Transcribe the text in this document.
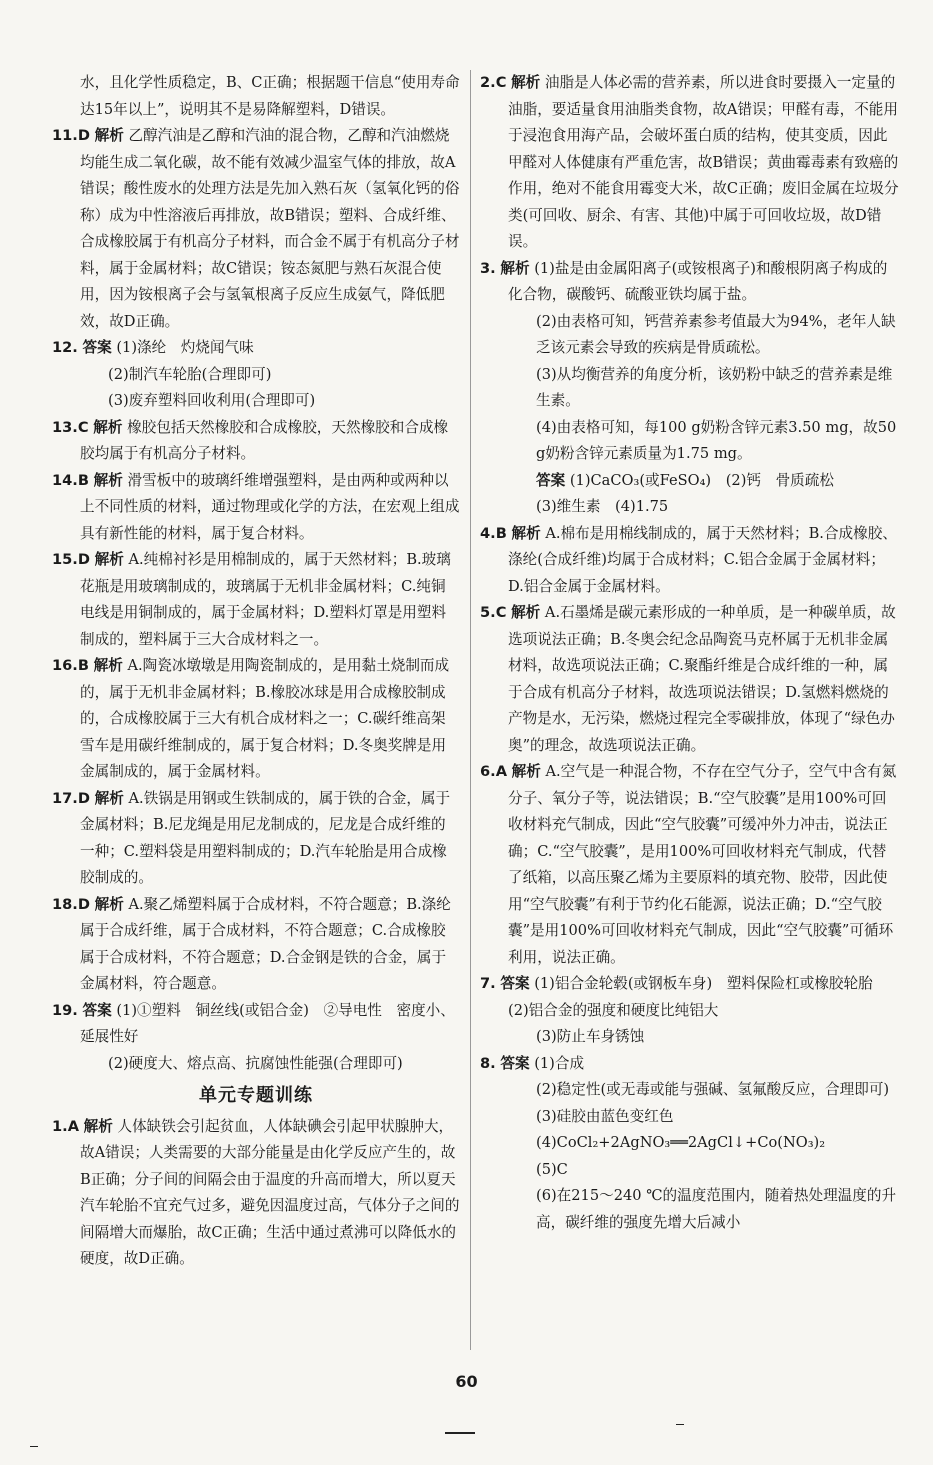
水，且化学性质稳定，B、C正确；根据题干信息“使用寿命达15年以上”，说明其不是易降解塑料，D错误。
11.D 解析 乙醇汽油是乙醇和汽油的混合物，乙醇和汽油燃烧均能生成二氧化碳，故不能有效减少温室气体的排放，故A错误；酸性废水的处理方法是先加入熟石灰（氢氧化钙的俗称）成为中性溶液后再排放，故B错误；塑料、合成纤维、合成橡胶属于有机高分子材料，而合金不属于有机高分子材料，属于金属材料；故C错误；铵态氮肥与熟石灰混合使用，因为铵根离子会与氢氧根离子反应生成氨气，降低肥效，故D正确。
12. 答案 (1)涤纶　灼烧闻气味
(2)制汽车轮胎(合理即可)
(3)废弃塑料回收利用(合理即可)
13.C 解析 橡胶包括天然橡胶和合成橡胶，天然橡胶和合成橡胶均属于有机高分子材料。
14.B 解析 滑雪板中的玻璃纤维增强塑料，是由两种或两种以上不同性质的材料，通过物理或化学的方法，在宏观上组成具有新性能的材料，属于复合材料。
15.D 解析 A.纯棉衬衫是用棉制成的，属于天然材料；B.玻璃花瓶是用玻璃制成的，玻璃属于无机非金属材料；C.纯铜电线是用铜制成的，属于金属材料；D.塑料灯罩是用塑料制成的，塑料属于三大合成材料之一。
16.B 解析 A.陶瓷冰墩墩是用陶瓷制成的，是用黏土烧制而成的，属于无机非金属材料；B.橡胶冰球是用合成橡胶制成的，合成橡胶属于三大有机合成材料之一；C.碳纤维高架雪车是用碳纤维制成的，属于复合材料；D.冬奥奖牌是用金属制成的，属于金属材料。
17.D 解析 A.铁锅是用钢或生铁制成的，属于铁的合金，属于金属材料；B.尼龙绳是用尼龙制成的，尼龙是合成纤维的一种；C.塑料袋是用塑料制成的；D.汽车轮胎是用合成橡胶制成的。
18.D 解析 A.聚乙烯塑料属于合成材料，不符合题意；B.涤纶属于合成纤维，属于合成材料，不符合题意；C.合成橡胶属于合成材料，不符合题意；D.合金钢是铁的合金，属于金属材料，符合题意。
19. 答案 (1)①塑料　铜丝线(或铝合金)　②导电性　密度小、延展性好
(2)硬度大、熔点高、抗腐蚀性能强(合理即可)
单元专题训练
1.A 解析 人体缺铁会引起贫血，人体缺碘会引起甲状腺肿大，故A错误；人类需要的大部分能量是由化学反应产生的，故B正确；分子间的间隔会由于温度的升高而增大，所以夏天汽车轮胎不宜充气过多，避免因温度过高，气体分子之间的间隔增大而爆胎，故C正确；生活中通过煮沸可以降低水的硬度，故D正确。
2.C 解析 油脂是人体必需的营养素，所以进食时要摄入一定量的油脂，要适量食用油脂类食物，故A错误；甲醛有毒，不能用于浸泡食用海产品，会破坏蛋白质的结构，使其变质，因此甲醛对人体健康有严重危害，故B错误；黄曲霉毒素有致癌的作用，绝对不能食用霉变大米，故C正确；废旧金属在垃圾分类(可回收、厨余、有害、其他)中属于可回收垃圾，故D错误。
3. 解析 (1)盐是由金属阳离子(或铵根离子)和酸根阴离子构成的化合物，碳酸钙、硫酸亚铁均属于盐。
(2)由表格可知，钙营养素参考值最大为94%，老年人缺乏该元素会导致的疾病是骨质疏松。
(3)从均衡营养的角度分析，该奶粉中缺乏的营养素是维生素。
(4)由表格可知，每100 g奶粉含锌元素3.50 mg，故50 g奶粉含锌元素质量为1.75 mg。
答案 (1)CaCO₃(或FeSO₄)　(2)钙　骨质疏松
(3)维生素　(4)1.75
4.B 解析 A.棉布是用棉线制成的，属于天然材料；B.合成橡胶、涤纶(合成纤维)均属于合成材料；C.铝合金属于金属材料；D.铝合金属于金属材料。
5.C 解析 A.石墨烯是碳元素形成的一种单质，是一种碳单质，故选项说法正确；B.冬奥会纪念品陶瓷马克杯属于无机非金属材料，故选项说法正确；C.聚酯纤维是合成纤维的一种，属于合成有机高分子材料，故选项说法错误；D.氢燃料燃烧的产物是水，无污染，燃烧过程完全零碳排放，体现了“绿色办奥”的理念，故选项说法正确。
6.A 解析 A.空气是一种混合物，不存在空气分子，空气中含有氮分子、氧分子等，说法错误；B.“空气胶囊”是用100%可回收材料充气制成，因此“空气胶囊”可缓冲外力冲击，说法正确；C.“空气胶囊”，是用100%可回收材料充气制成，代替了纸箱，以高压聚乙烯为主要原料的填充物、胶带，因此使用“空气胶囊”有利于节约化石能源，说法正确；D.“空气胶囊”是用100%可回收材料充气制成，因此“空气胶囊”可循环利用，说法正确。
7. 答案 (1)铝合金轮毂(或钢板车身)　塑料保险杠或橡胶轮胎　(2)铝合金的强度和硬度比纯铝大
(3)防止车身锈蚀
8. 答案 (1)合成
(2)稳定性(或无毒或能与强碱、氢氟酸反应，合理即可)
(3)硅胶由蓝色变红色
(4)CoCl₂+2AgNO₃══2AgCl↓+Co(NO₃)₂
(5)C
(6)在215～240 ℃的温度范围内，随着热处理温度的升高，碳纤维的强度先增大后减小
60
